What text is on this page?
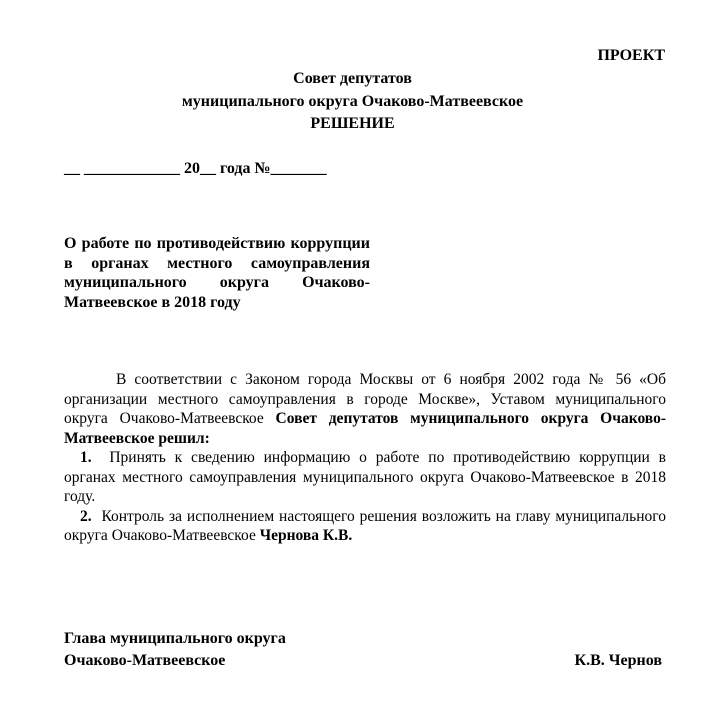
ПРОЕКТ
Совет депутатов
муниципального округа Очаково-Матвеевское
РЕШЕНИЕ
__ ____________ 20__ года №_______
О работе по противодействию коррупции в органах местного самоуправления муниципального округа Очаково-Матвеевское в 2018 году

В соответствии с Законом города Москвы от 6 ноября 2002 года № 56 «Об организации местного самоуправления в городе Москве», Уставом муниципального округа Очаково-Матвеевское Совет депутатов муниципального округа Очаково-Матвеевское решил:

1. Принять к сведению информацию о работе по противодействию коррупции в органах местного самоуправления муниципального округа Очаково-Матвеевское в 2018 году.

2. Контроль за исполнением настоящего решения возложить на главу муниципального округа Очаково-Матвеевское Чернова К.В.

Глава муниципального округа
Очаково-Матвеевское	К.В. Чернов
